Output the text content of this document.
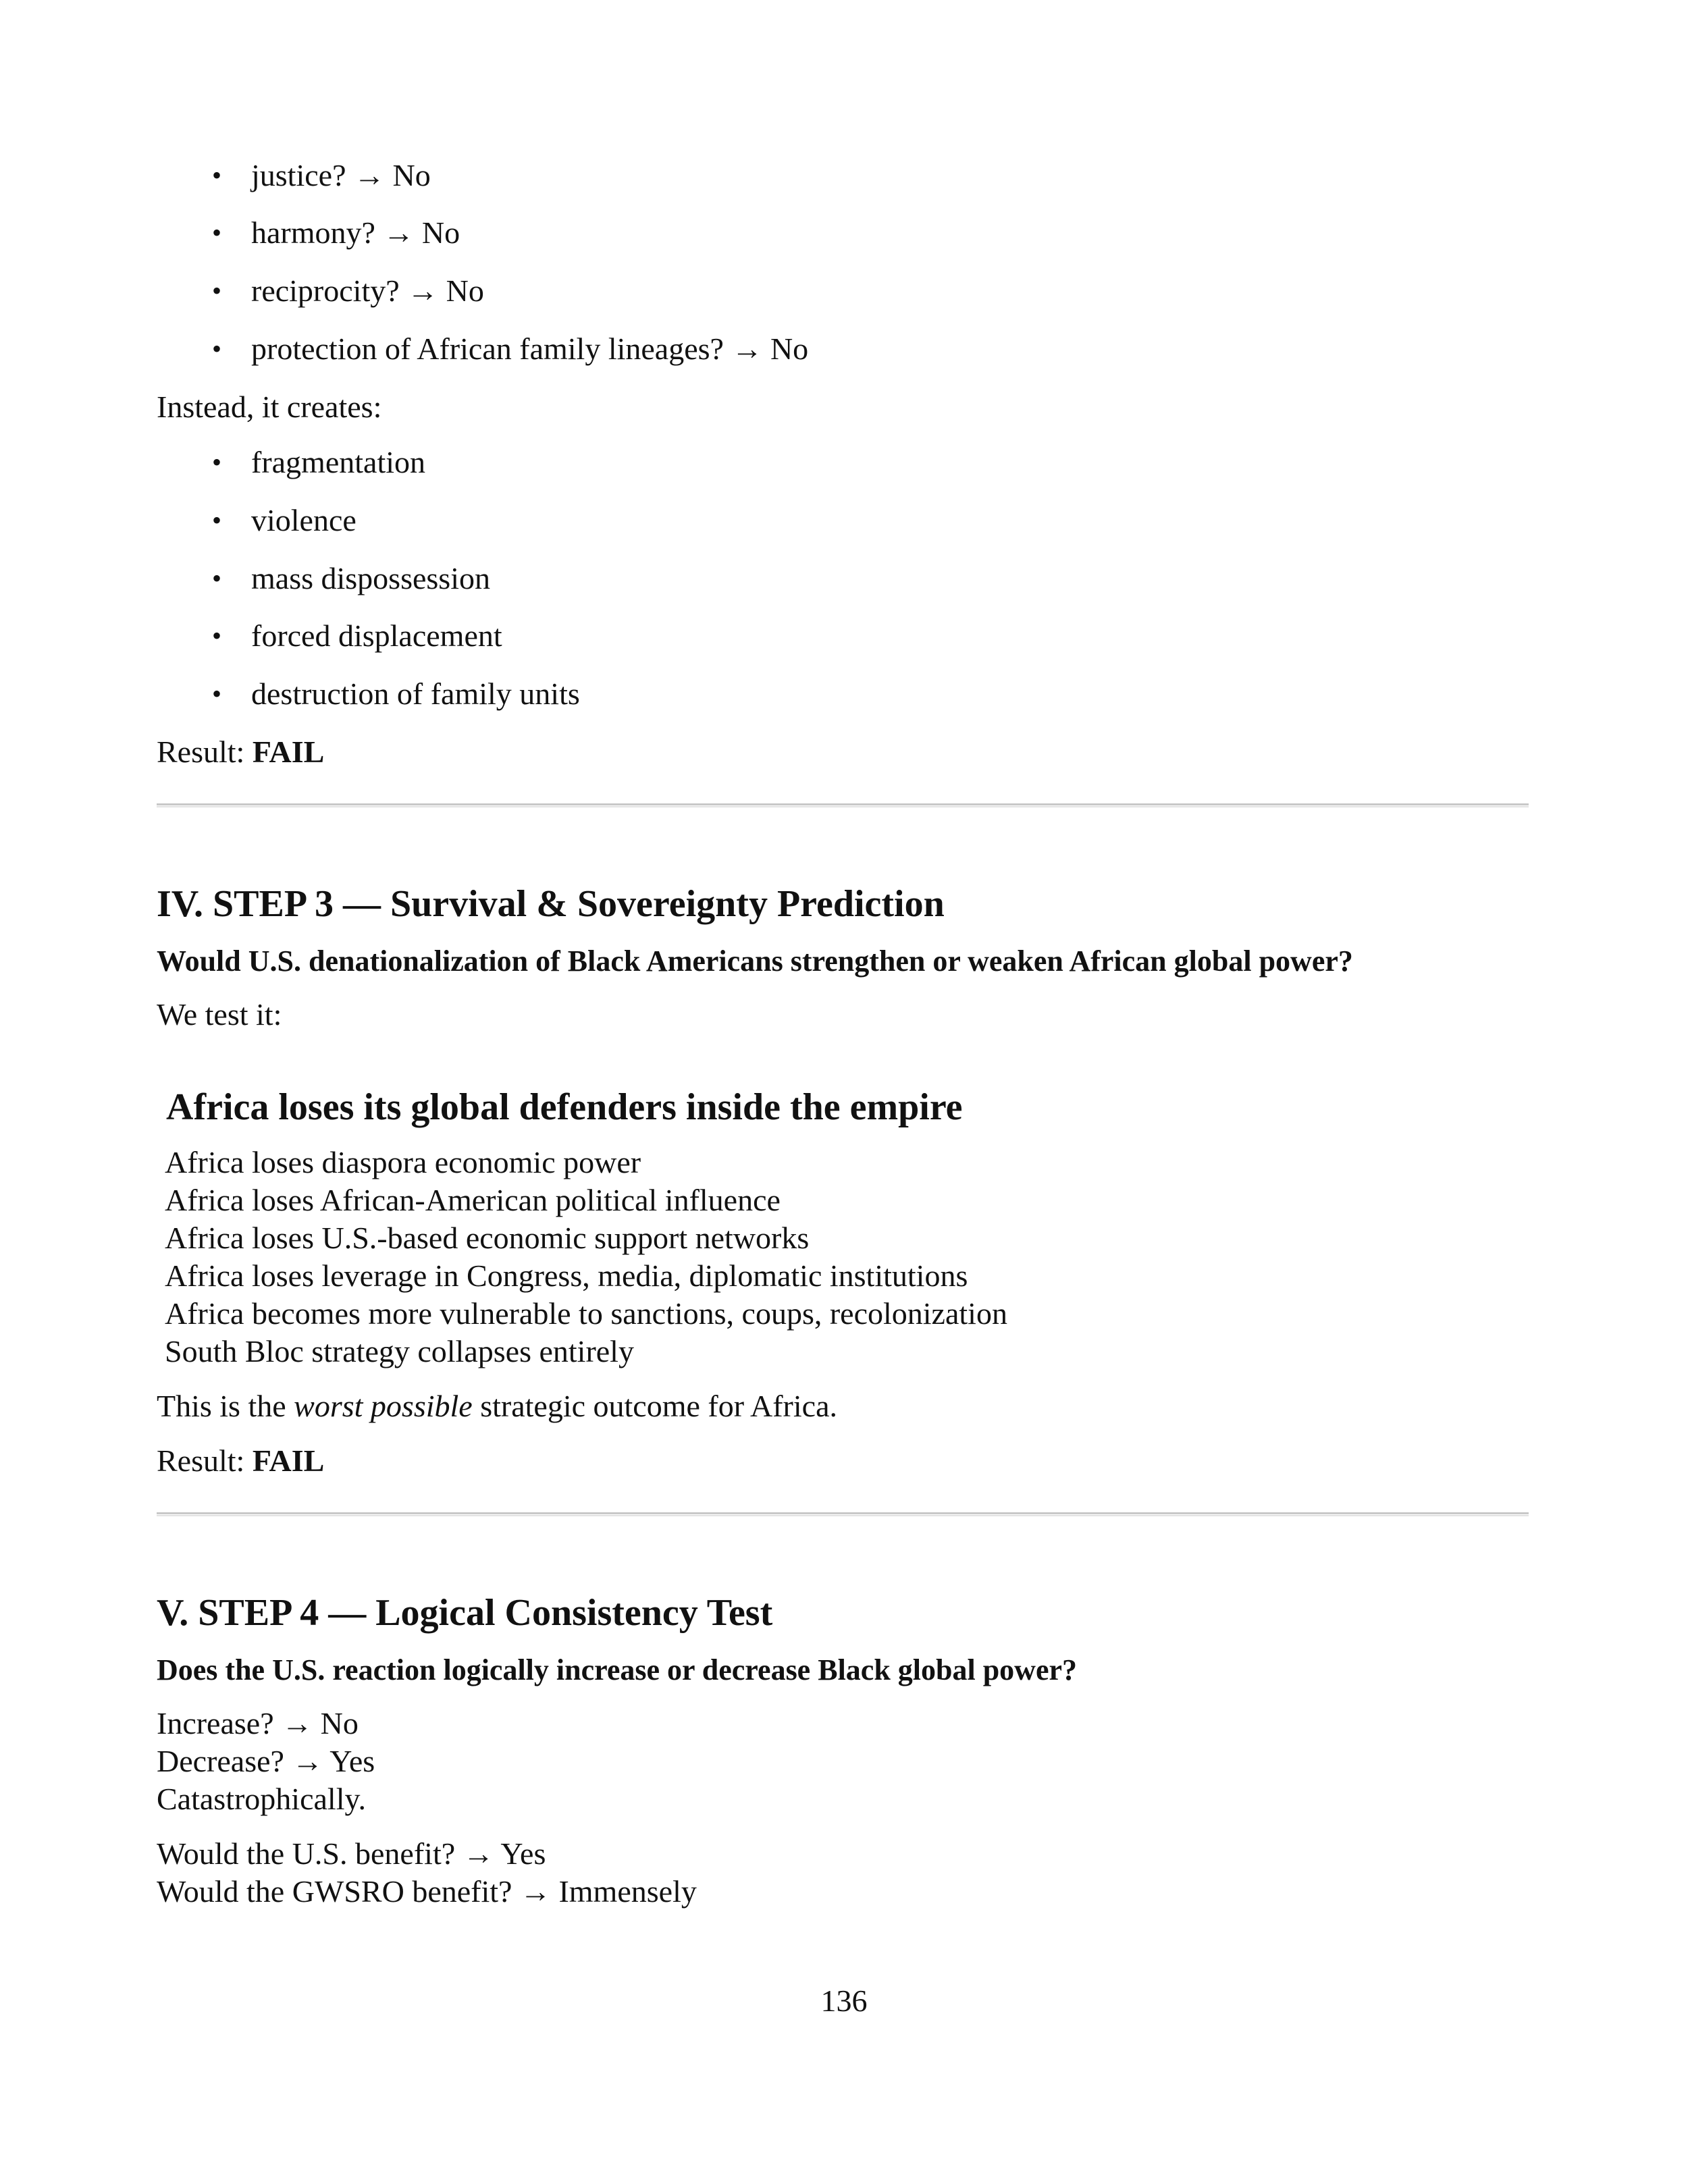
• justice? → No
• harmony? → No
• reciprocity? → No
• protection of African family lineages? → No
Instead, it creates:
• fragmentation
• violence
• mass dispossession
• forced displacement
• destruction of family units
Result: FAIL
IV. STEP 3 — Survival & Sovereignty Prediction
Would U.S. denationalization of Black Americans strengthen or weaken African global power?
We test it:
Africa loses its global defenders inside the empire
Africa loses diaspora economic power
Africa loses African-American political influence
Africa loses U.S.-based economic support networks
Africa loses leverage in Congress, media, diplomatic institutions
Africa becomes more vulnerable to sanctions, coups, recolonization
South Bloc strategy collapses entirely
This is the worst possible strategic outcome for Africa.
Result: FAIL
V. STEP 4 — Logical Consistency Test
Does the U.S. reaction logically increase or decrease Black global power?
Increase? → No
Decrease? → Yes
Catastrophically.
Would the U.S. benefit? → Yes
Would the GWSRO benefit? → Immensely
136
